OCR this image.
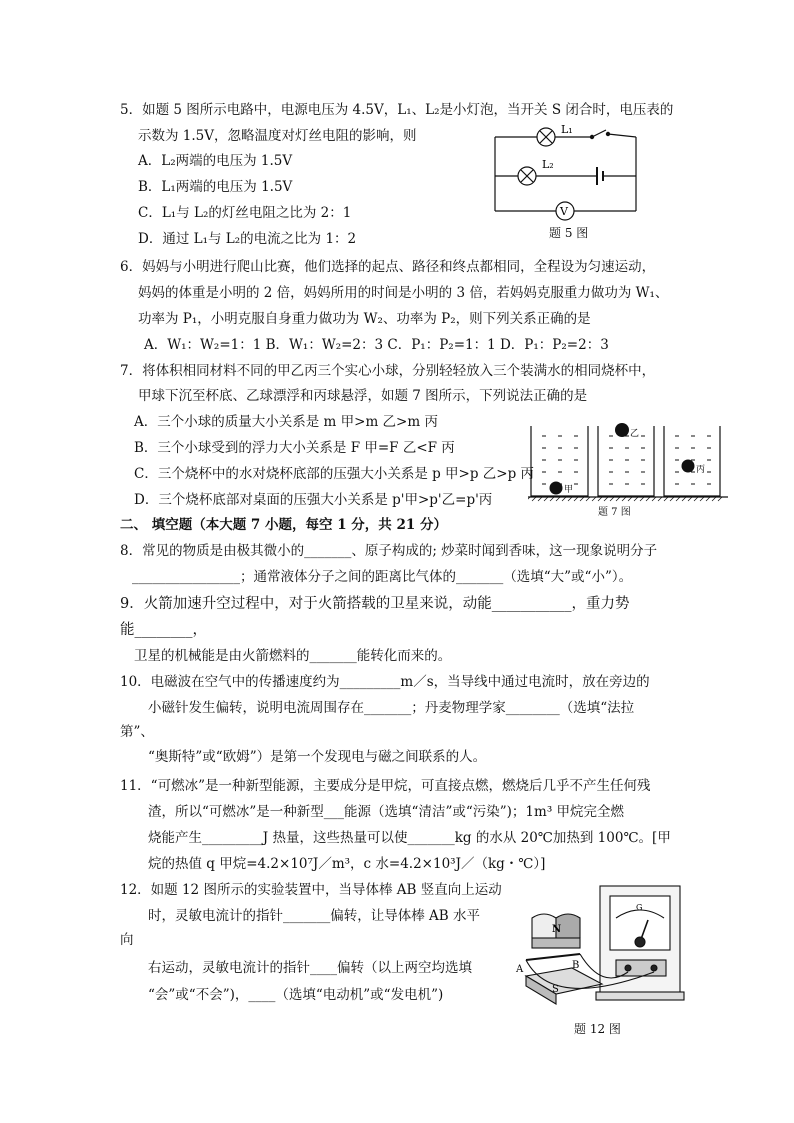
5．如题 5 图所示电路中，电源电压为 4.5V，L₁、L₂是小灯泡，当开关 S 闭合时，电压表的
示数为 1.5V，忽略温度对灯丝电阻的影响，则
A．L₂两端的电压为 1.5V
B．L₁两端的电压为 1.5V
C．L₁与 L₂的灯丝电阻之比为 2：1
D．通过 L₁与 L₂的电流之比为 1：2
L₁
L₂
V
题 5 图
6．妈妈与小明进行爬山比赛，他们选择的起点、路径和终点都相同，全程设为匀速运动，
妈妈的体重是小明的 2 倍，妈妈所用的时间是小明的 3 倍，若妈妈克服重力做功为 W₁、
功率为 P₁，小明克服自身重力做功为 W₂、功率为 P₂，则下列关系正确的是
A．W₁：W₂=1：1 B．W₁：W₂=2：3 C．P₁：P₂=1：1 D．P₁：P₂=2：3
7．将体积相同材料不同的甲乙丙三个实心小球，分别轻轻放入三个装满水的相同烧杯中，
甲球下沉至杯底、乙球漂浮和丙球悬浮，如题 7 图所示，下列说法正确的是
A．三个小球的质量大小关系是 m 甲>m 乙>m 丙
B．三个小球受到的浮力大小关系是 F 甲=F 乙<F 丙
C．三个烧杯中的水对烧杯底部的压强大小关系是 p 甲>p 乙>p 丙
D．三个烧杯底部对桌面的压强大小关系是 p'甲>p'乙=p'丙
甲
乙
丙
题 7 图
二、 填空题（本大题 7 小题，每空 1 分，共 21 分）
8．常见的物质是由极其微小的_______、原子构成的; 炒菜时闻到香味，这一现象说明分子
________________；通常液体分子之间的距离比气体的_______（选填“大”或“小”）。
9．火箭加速升空过程中，对于火箭搭载的卫星来说，动能___________，重力势
能________，
卫星的机械能是由火箭燃料的_______能转化而来的。
10．电磁波在空气中的传播速度约为_________m／s，当导线中通过电流时，放在旁边的
小磁针发生偏转，说明电流周围存在_______；丹麦物理学家________（选填“法拉
第”、
“奥斯特”或“欧姆”）是第一个发现电与磁之间联系的人。
11．“可燃冰”是一种新型能源，主要成分是甲烷，可直接点燃，燃烧后几乎不产生任何残
渣，所以“可燃冰”是一种新型___能源（选填“清洁”或“污染”)；1m³ 甲烷完全燃
烧能产生_________J 热量，这些热量可以使_______kg 的水从 20℃加热到 100℃。[甲
烷的热值 q 甲烷=4.2×10⁷J／m³，c 水=4.2×10³J／（kg・℃）]
12．如题 12 图所示的实验装置中，当导体棒 AB 竖直向上运动
时，灵敏电流计的指针_______偏转，让导体棒 AB 水平
向
右运动，灵敏电流计的指针____偏转（以上两空均选填
“会”或“不会”)，____（选填“电动机”或“发电机”)
N
S
A	B
G
题 12 图
